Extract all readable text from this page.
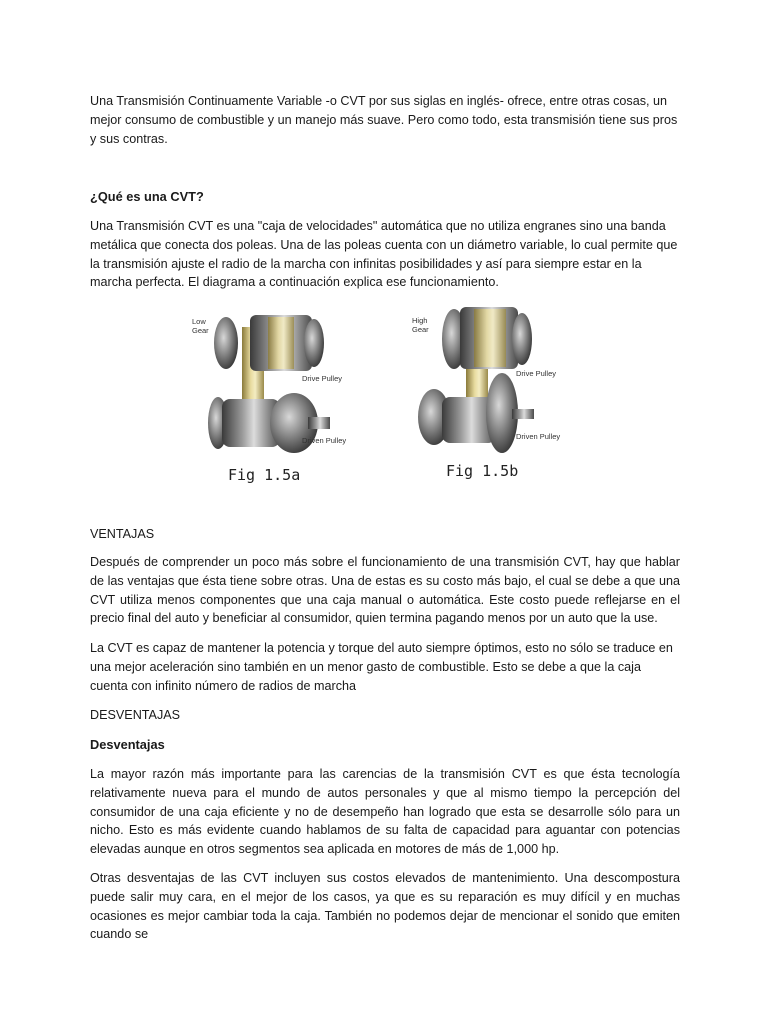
Una Transmisión Continuamente Variable -o CVT por sus siglas en inglés- ofrece, entre otras cosas, un mejor consumo de combustible y un manejo más suave. Pero como todo, esta transmisión tiene sus pros y sus contras.

¿Qué es una CVT?

Una Transmisión CVT es una "caja de velocidades" automática que no utiliza engranes sino una banda metálica que conecta dos poleas. Una de las poleas cuenta con un diámetro variable, lo cual permite que la transmisión ajuste el radio de la marcha con infinitas posibilidades y así para siempre estar en la marcha perfecta. El diagrama a continuación explica ese funcionamiento.

Low
Gear
Drive Pulley
Driven Pulley
Fig 1.5a
High
Gear
Drive Pulley
Driven Pulley
Fig 1.5b
VENTAJAS

Después de comprender un poco más sobre el funcionamiento de una transmisión CVT, hay que hablar de las ventajas que ésta tiene sobre otras. Una de estas es su costo más bajo, el cual se debe a que una CVT utiliza menos componentes que una caja manual o automática. Este costo puede reflejarse en el precio final del auto y beneficiar al consumidor, quien termina pagando menos por un auto que la use.

La CVT es capaz de mantener la potencia y torque del auto siempre óptimos, esto no sólo se traduce en una mejor aceleración sino también en un menor gasto de combustible. Esto se debe a que la caja cuenta con infinito número de radios de marcha

DESVENTAJAS
Desventajas

La mayor razón más importante para las carencias de la transmisión CVT es que ésta tecnología relativamente nueva para el mundo de autos personales y que al mismo tiempo la percepción del consumidor de una caja eficiente y no de desempeño han logrado que esta se desarrolle sólo para un nicho. Esto es más evidente cuando hablamos de su falta de capacidad para aguantar con potencias elevadas aunque en otros segmentos sea aplicada en motores de más de 1,000 hp.

Otras desventajas de las CVT incluyen sus costos elevados de mantenimiento. Una descompostura puede salir muy cara, en el mejor de los casos, ya que es su reparación es muy difícil y en muchas ocasiones es mejor cambiar toda la caja. También no podemos dejar de mencionar el sonido que emiten cuando se
